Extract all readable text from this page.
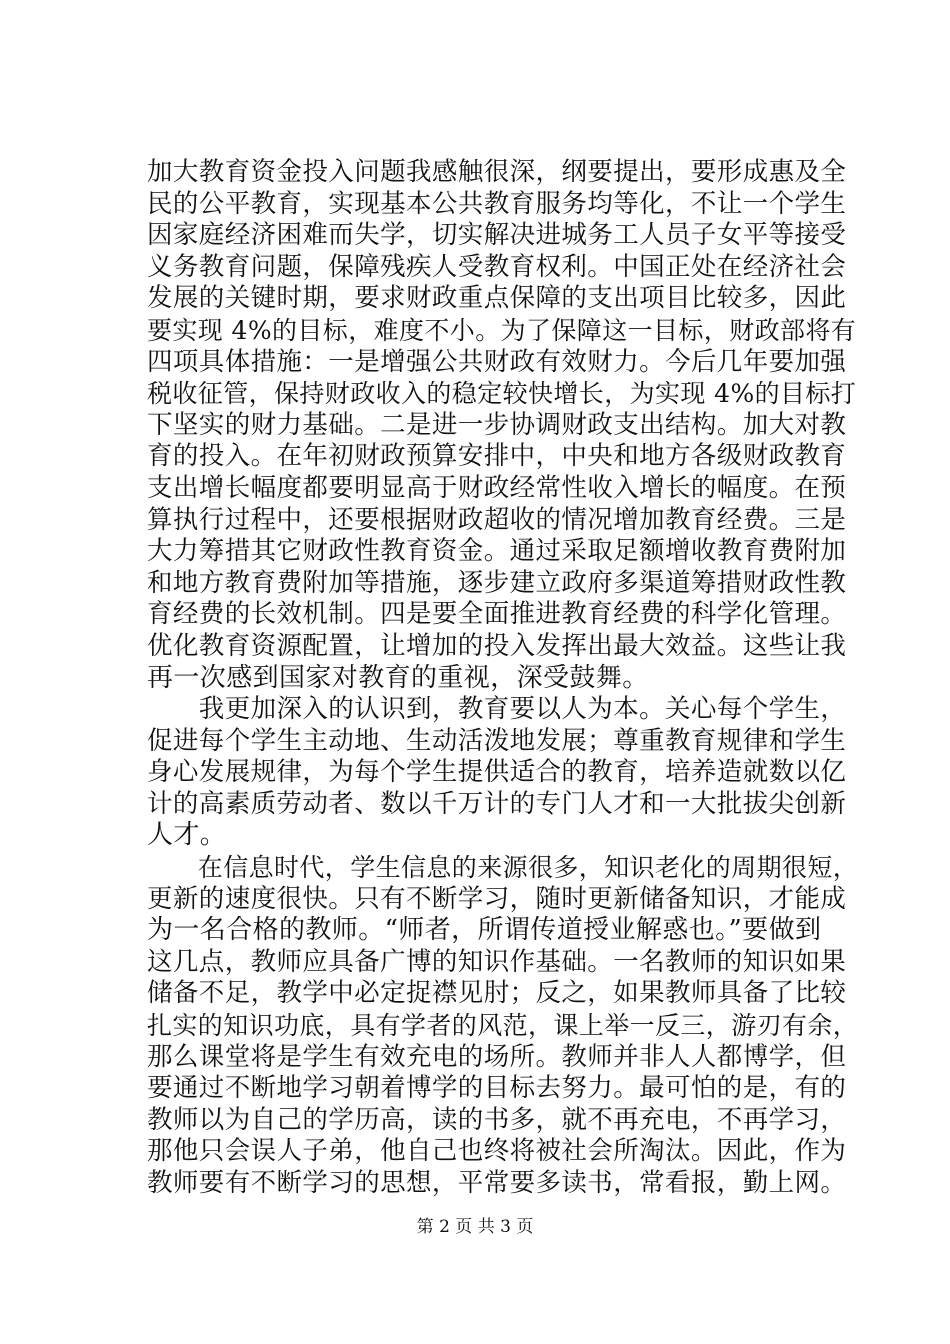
加大教育资金投入问题我感触很深，纲要提出，要形成惠及全
民的公平教育，实现基本公共教育服务均等化，不让一个学生
因家庭经济困难而失学，切实解决进城务工人员子女平等接受
义务教育问题，保障残疾人受教育权利。中国正处在经济社会
发展的关键时期，要求财政重点保障的支出项目比较多，因此
要实现 4%的目标，难度不小。为了保障这一目标，财政部将有
四项具体措施：一是增强公共财政有效财力。今后几年要加强
税收征管，保持财政收入的稳定较快增长，为实现 4%的目标打
下坚实的财力基础。二是进一步协调财政支出结构。加大对教
育的投入。在年初财政预算安排中，中央和地方各级财政教育
支出增长幅度都要明显高于财政经常性收入增长的幅度。在预
算执行过程中，还要根据财政超收的情况增加教育经费。三是
大力筹措其它财政性教育资金。通过采取足额增收教育费附加
和地方教育费附加等措施，逐步建立政府多渠道筹措财政性教
育经费的长效机制。四是要全面推进教育经费的科学化管理。
优化教育资源配置，让增加的投入发挥出最大效益。这些让我
再一次感到国家对教育的重视，深受鼓舞。
　　我更加深入的认识到，教育要以人为本。关心每个学生，
促进每个学生主动地、生动活泼地发展；尊重教育规律和学生
身心发展规律，为每个学生提供适合的教育，培养造就数以亿
计的高素质劳动者、数以千万计的专门人才和一大批拔尖创新
人才。
　　在信息时代，学生信息的来源很多，知识老化的周期很短，
更新的速度很快。只有不断学习，随时更新储备知识，才能成
为一名合格的教师。“师者，所谓传道授业解惑也。”要做到
这几点，教师应具备广博的知识作基础。一名教师的知识如果
储备不足，教学中必定捉襟见肘；反之，如果教师具备了比较
扎实的知识功底，具有学者的风范，课上举一反三，游刃有余，
那么课堂将是学生有效充电的场所。教师并非人人都博学，但
要通过不断地学习朝着博学的目标去努力。最可怕的是，有的
教师以为自己的学历高，读的书多，就不再充电，不再学习，
那他只会误人子弟，他自己也终将被社会所淘汰。因此，作为
教师要有不断学习的思想，平常要多读书，常看报，勤上网。
第 2 页 共 3 页
